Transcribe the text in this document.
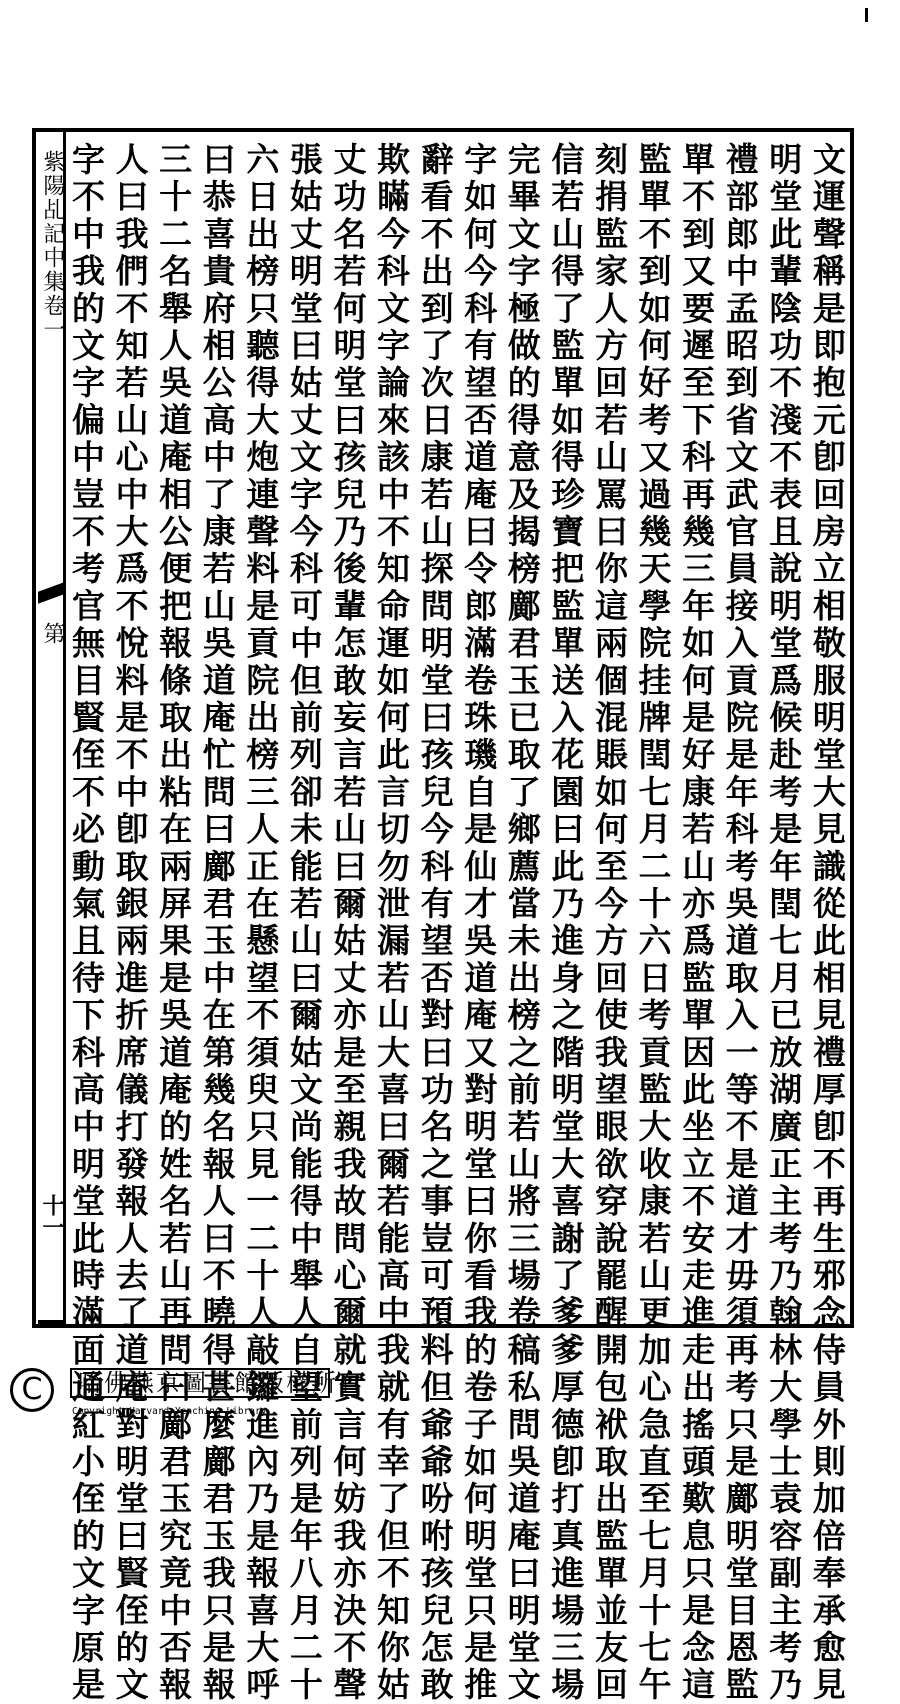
紫陽乩記中集卷一
第
十一	文運聲稱是即抱元卽回房立相敬服明堂大見識從此相見禮厚卽不再生邪念侍員外則加倍奉承愈見
明堂此輩陰功不淺不表且說明堂爲候赴考是年閏七月已放湖廣正主考乃翰林大學士袁容副主考乃
禮部郎中孟昭到省文武官員接入貢院是年科考吳道取入一等不是道才毋須再考只是鄺明堂目恩監
單不到又要遲至下科再幾三年如何是好康若山亦爲監單因此坐立不安走進走出搖頭歎息只是念這
監單不到如何好考又過幾天學院挂牌閏七月二十六日考貢監大收康若山更加心急直至七月十七午
刻捐監家人方回若山罵曰你這兩個混賬如何至今方回使我望眼欲穿說罷醒開包袱取出監單並友回
信若山得了監單如得珍寶把監單送入花園曰此乃進身之階明堂大喜謝了爹爹厚德卽打真進場三場
完畢文字極做的得意及揭榜鄺君玉已取了鄉薦當未出榜之前若山將三場卷稿私問吳道庵曰明堂文
字如何今科有望否道庵曰令郎滿卷珠璣自是仙才吳道庵又對明堂曰你看我的卷子如何明堂只是推
辭看不出到了次日康若山探問明堂曰孩兒今科有望否對曰功名之事豈可預料但爺爺吩咐孩兒怎敢
欺瞞今科文字論來該中不知命運如何此言切勿泄漏若山大喜曰爾若能高中我就有幸了但不知你姑
丈功名若何明堂曰孩兒乃後輩怎敢妄言若山曰爾姑丈亦是至親我故問心爾就實言何妨我亦決不聲
張姑丈明堂曰姑丈文字今科可中但前列卻未能若山曰爾姑文尚能得中舉人自望前列是年八月二十
六日出榜只聽得大炮連聲料是貢院出榜三人正在懸望不須臾只見一二十人敲鑼進內乃是報喜大呼
曰恭喜貴府相公高中了康若山吳道庵忙問曰鄺君玉中在第幾名報人曰不曉得甚麼鄺君玉我只是報
三十二名舉人吳道庵相公便把報條取出粘在兩屏果是吳道庵的姓名若山再問曰鄺君玉究竟中否報
人曰我們不知若山心中大爲不悅料是不中卽取銀兩進折席儀打發報人去了道庵對明堂曰賢侄的文
字不中我的文字偏中豈不考官無目賢侄不必動氣且待下科高中明堂此時滿面通紅小侄的文字原是
C	哈佛燕京圖書館版權所有
Copyright Harvard-Yenching Library
